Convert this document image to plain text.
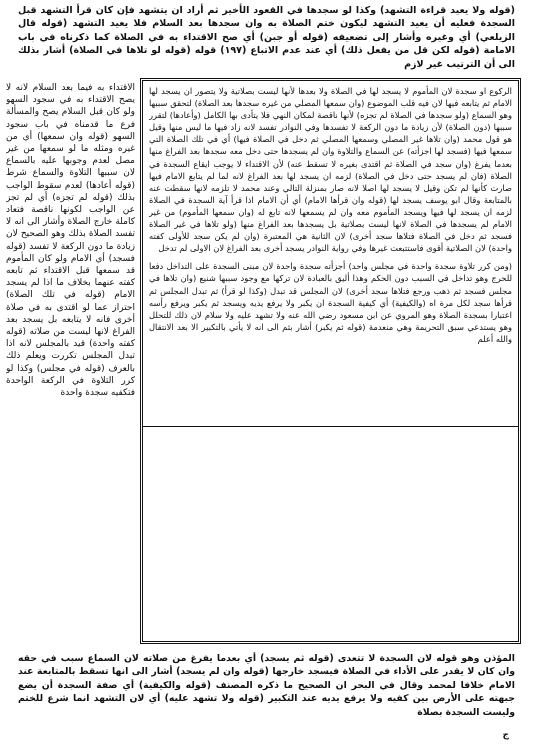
(قوله ولا يعيد قراءة التشهد) وكذا لو سجدها في القعود الأخير ثم أراد ان يتشهد فإن كان قرأ التشهد قبل السجدة فعليه أن يعيد التشهد ليكون ختم الصلاة به وان سجدها بعد السلام فلا يعيد التشهد (قوله قال الزيلعي) أي وغيره وأشار إلى تضعيفه (قوله أو جبن) أي صح الاقتداء به في الصلاة كما ذكرناه في باب الامامة (قوله لكن قل من يفعل ذلك) أي عند عدم الاتباع (١٩٧) قوله (قوله لو تلاها في الصلاة) أشار بذلك الى أن الترتيب غير لازم

الركوع او سجدة لان المأموم لا يسجد لها في الصلاة ولا بعدها لأنها ليست بصلاتية ولا يتصور ان يسجد لها الامام ثم يتابعه فيها لان فيه قلب الموضوع (وان سمعها المصلي من غيره سجدها بعد الصلاة) لتحقق سببها وهو السماع (ولو سجدها في الصلاة لم تجزه) لأنها ناقصة لمكان النهي فلا يتأدى بها الكامل (وأعادها) لتقرر سببها (دون الصلاة) لأن زيادة ما دون الركعة لا تفسدها وفي النوادر تفسد لانه زاد فيها ما ليس منها وقيل هو قول محمد (وان تلاها غير المصلي وسمعها المصلي ثم دخل في الصلاة فيها) أي في تلك الصلاة التي سمعها فيها (فسجد لها اجزأته) عن السماع والتلاوة وان لم يسجدها حتى دخل معه سجدها بعد الفراغ منها بعدما يفرغ (وان سجد في الصلاة ثم اقتدى بغيره لا تسقط عنه) لأن الاقتداء لا يوجب ايقاع السجدة في الصلاة (فان لم يسجد حتى دخل في الصلاة) لزمه ان يسجد لها بعد الفراغ لانه لما لم يتابع الامام فيها صارت كأنها لم تكن وقيل لا يسجد لها اصلا لانه صار بمنزلة التالي وعند محمد لا تلزمه لانها سقطت عنه بالمتابعة وقال ابو يوسف يسجد لها (قوله وان قرأها الامام) أي أن الامام اذا قرأ آية السجدة في الصلاة لزمه ان يسجد لها فيها ويسجد المأموم معه وان لم يسمعها لانه تابع له (وان سمعها المأموم) من غير الامام لم يسجدها في الصلاة لانها ليست بصلاتية بل يسجدها بعد الفراغ منها (ولو تلاها في غير الصلاة فسجد ثم دخل في الصلاة فتلاها سجد أخرى) لان الثانية هي المعتبرة (وان لم يكن سجد للأولى كفته واحدة) لان الصلاتية أقوى فاستتبعت غيرها وفي رواية النوادر يسجد أخرى بعد الفراغ لان الاولى لم تدخل

(ومن كرر تلاوة سجدة واحدة في مجلس واحد) أجزأته سجدة واحدة لان مبنى السجدة على التداخل دفعا للحرج وهو تداخل في السبب دون الحكم وهذا أليق بالعبادة لان تركها مع وجود سببها شنيع (وان تلاها في مجلس فسجد ثم ذهب ورجع فتلاها سجد أخرى) لان المجلس قد تبدل (وكذا لو قرأ) ثم تبدل المجلس ثم قرأها سجد لكل مرة اه (والكيفية) أي كيفية السجدة ان يكبر ولا يرفع يديه ويسجد ثم يكبر ويرفع رأسه اعتبارا بسجدة الصلاة وهو المروي عن ابن مسعود رضي الله عنه ولا تشهد عليه ولا سلام لان ذلك للتحلل وهو يستدعي سبق التحريمة وهي منعدمة (قوله ثم يكبر) أشار بثم الى انه لا يأتي بالتكبير الا بعد الانتقال والله أعلم

الاقتداء به فيما بعد السلام لانه لا يصح الاقتداء به في سجود السهو ولو كان قبل السلام يصح والمسألة فرع ما قدمناه في باب سجود السهو (قوله وان سمعها) أي من غيره ومثله ما لو سمعها من غير مصل لعدم وجوبها عليه بالسماع لان سببها التلاوة والسماع شرط (قوله أعادها) لعدم سقوط الواجب بذلك (قوله لم تجزه) أي لم تجز عن الواجب لكونها ناقصة فتعاد كاملة خارج الصلاة وأشار الى انه لا تفسد الصلاة بذلك وهو الصحيح لان زيادة ما دون الركعة لا تفسد (قوله فسجد) أي الامام ولو كان المأموم قد سمعها قبل الاقتداء ثم تابعه كفته عنهما بخلاف ما اذا لم يسجد الامام (قوله في تلك الصلاة) احتراز عما لو اقتدى به في صلاة أخرى فانه لا يتابعه بل يسجد بعد الفراغ لانها ليست من صلاته (قوله كفته واحدة) قيد بالمجلس لانه اذا تبدل المجلس تكررت ويعلم ذلك بالعرف (قوله في مجلس) وكذا لو كرر التلاوة في الركعة الواحدة فتكفيه سجدة واحدة

المؤذن وهو قوله لان السجدة لا تتعدى (قوله ثم يسجد) أي بعدما يفرغ من صلاته لان السماع سبب في حقه وان كان لا يقدر على الأداء في الصلاة فيسجد خارجها (قوله وان لم يسجد) أشار الى انها تسقط بالمتابعة عند الامام خلافا لمحمد وقال في البحر ان الصحيح ما ذكره المصنف (قوله والكيفية) أي صفة السجدة أن يضع جبهته على الأرض بين كفيه ولا يرفع يديه عند التكبير (قوله ولا تشهد عليه) أي لان التشهد انما شرع للختم وليست السجدة بصلاة
ج
